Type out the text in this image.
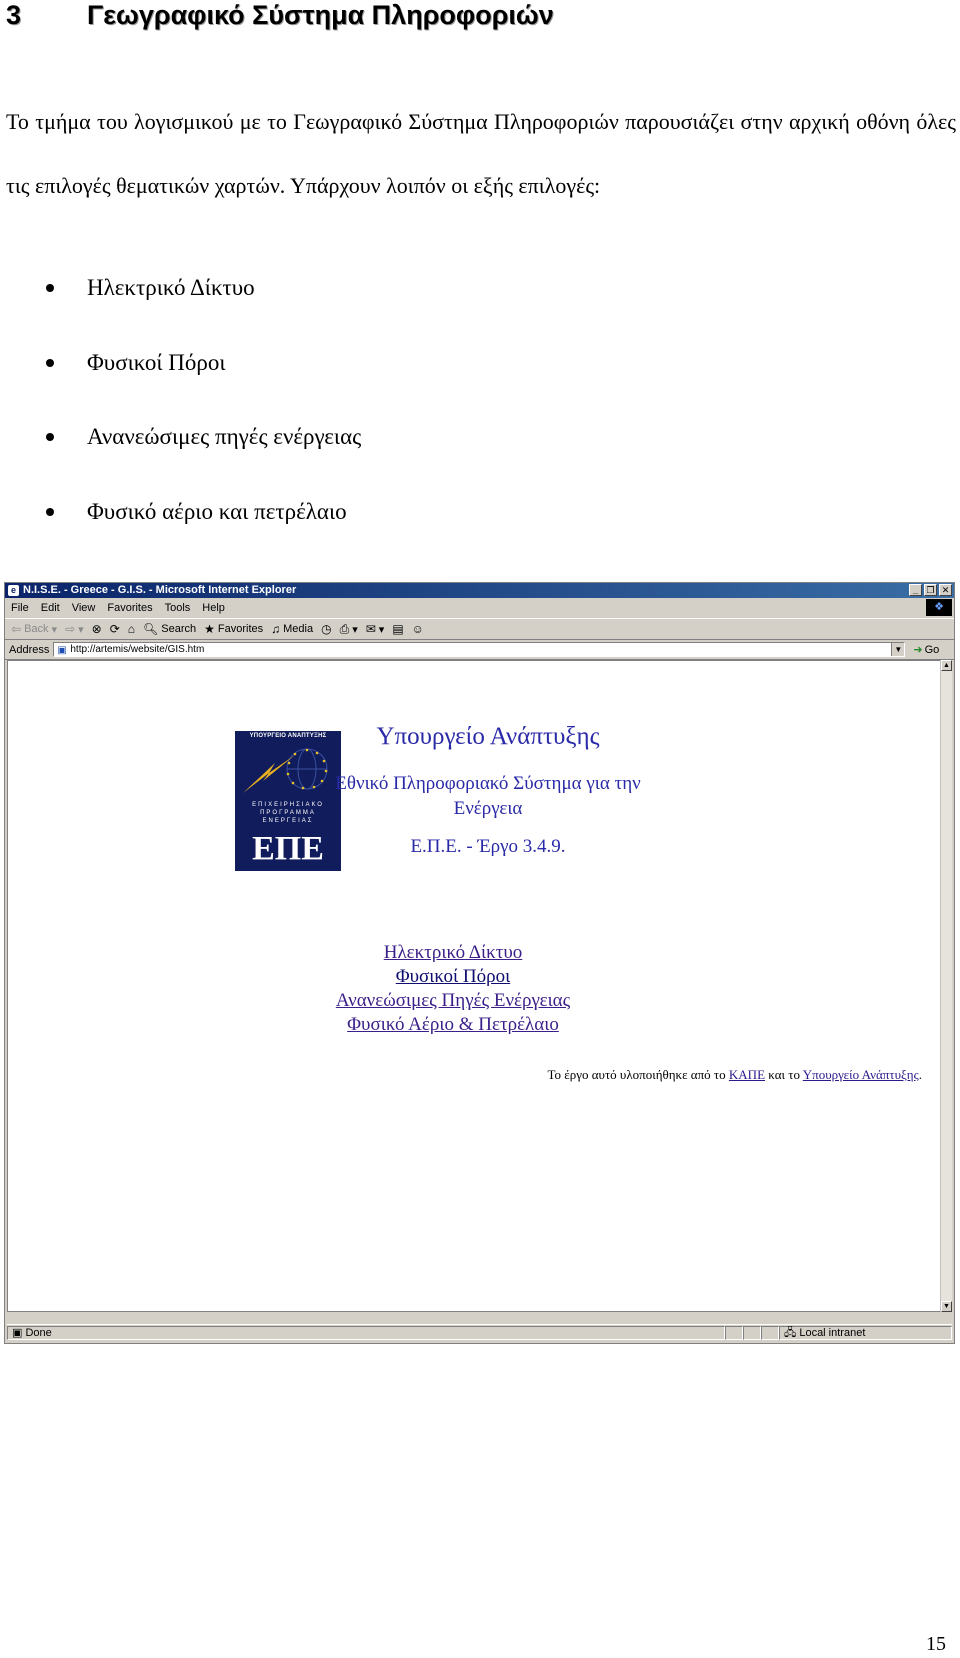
3 Γεωγραφικό Σύστημα Πληροφοριών

Το τμήμα του λογισμικού με το Γεωγραφικό Σύστημα Πληροφοριών παρουσιάζει στην αρχική οθόνη όλες τις επιλογές θεματικών χαρτών. Υπάρχουν λοιπόν οι εξής επιλογές:

Ηλεκτρικό Δίκτυο
Φυσικοί Πόροι
Ανανεώσιμες πηγές ενέργειας
Φυσικό αέριο και πετρέλαιο
e N.I.S.E. - Greece - G.I.S. - Microsoft Internet Explorer	_ ❐ ✕
File Edit View Favorites Tools Help	❖
⇦ Back ▾ ⇨ ▾ ⊗ ⟳ ⌂ 🔍︎ Search ★ Favorites ♫ Media ◷ ⎙ ▾ ✉ ▾ ▤ ☺
Address ▣ http://artemis/website/GIS.htm	▼ ➜ Go
ΥΠΟΥΡΓΕΙΟ ΑΝΑΠΤΥΞΗΣ
ΕΠΙΧΕΙΡΗΣΙΑΚΟ
ΠΡΟΓΡΑΜΜΑ
ΕΝΕΡΓΕΙΑΣ
ΕΠΕ
Υπουργείο Ανάπτυξης
Εθνικό Πληροφοριακό Σύστημα για την Ενέργεια
Ε.Π.Ε. - Έργο 3.4.9.
Ηλεκτρικό Δίκτυο
Φυσικοί Πόροι
Ανανεώσιμες Πηγές Ενέργειας
Φυσικό Αέριο & Πετρέλαιο
Το έργο αυτό υλοποιήθηκε από το ΚΑΠΕ και το Υπουργείο Ανάπτυξης.
▲
▼
▣ Done	🖧︎ Local intranet
15
